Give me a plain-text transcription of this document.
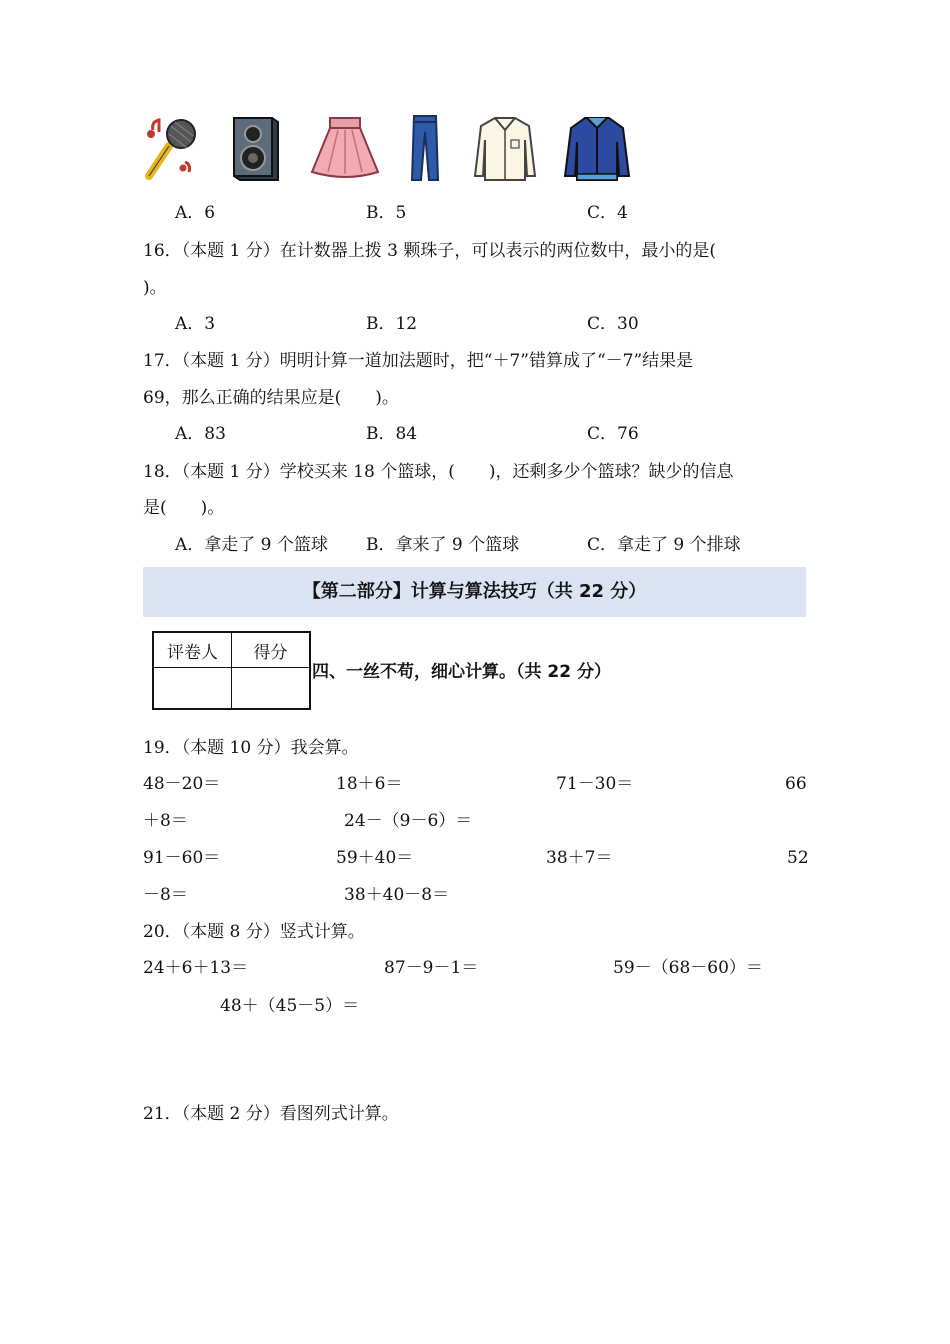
A．6	B．5	C．4
16．（本题 1 分）在计数器上拨 3 颗珠子，可以表示的两位数中，最小的是(
)。
A．3	B．12	C．30
17．（本题 1 分）明明计算一道加法题时，把“＋7”错算成了“－7”结果是
69，那么正确的结果应是(　　)。
A．83	B．84	C．76
18．（本题 1 分）学校买来 18 个篮球，(　　)，还剩多少个篮球？缺少的信息
是(　　)。
A．拿走了 9 个篮球 B．拿来了 9 个篮球	C．拿走了 9 个排球
【第二部分】计算与算法技巧（共 22 分）
评卷人	得分

四、一丝不苟，细心计算。（共 22 分）
19．（本题 10 分）我会算。
48－20＝	18＋6＝	71－30＝	66
＋8＝	24－（9－6）＝
91－60＝	59＋40＝	38＋7＝	52
－8＝	38＋40－8＝
20．（本题 8 分）竖式计算。
24＋6＋13＝	87－9－1＝	59－（68－60）＝
48＋（45－5）＝
21．（本题 2 分）看图列式计算。
